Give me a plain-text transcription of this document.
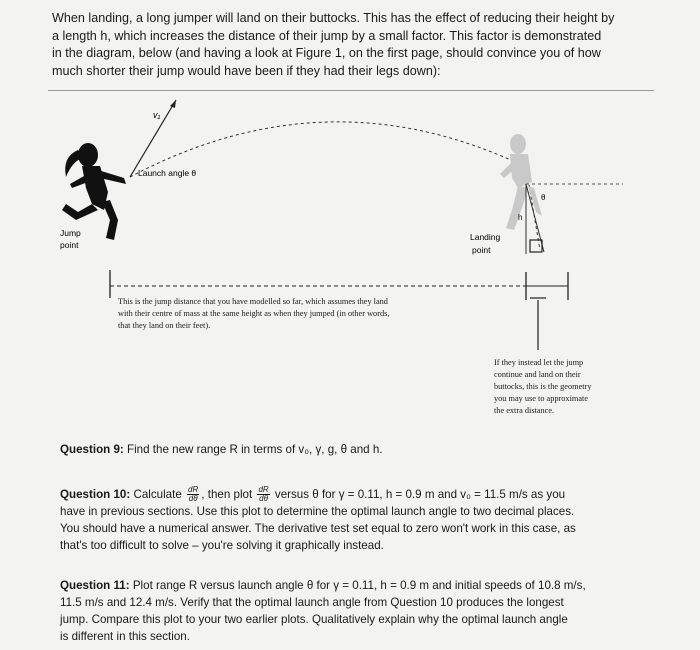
When landing, a long jumper will land on their buttocks. This has the effect of reducing their height by
a length h, which increases the distance of their jump by a small factor. This factor is demonstrated
in the diagram, below (and having a look at Figure 1, on the first page, should convince you of how
much shorter their jump would have been if they had their legs down):
v₁
Launch angle θ
θ
h
Jump
point
Landing
point
This is the jump distance that you have modelled so far, which assumes they land
with their centre of mass at the same height as when they jumped (in other words,
that they land on their feet).
If they instead let the jump
continue and land on their
buttocks, this is the geometry
you may use to approximate
the extra distance.
Question 9: Find the new range R in terms of v₀, γ, g, θ and h.
Question 10: Calculate $\frac{dR}{d\theta}$ , then plot $\frac{dR}{d\theta}$ versus θ for γ = 0.11, h = 0.9 m and v₀ = 11.5 m/s as you
have in previous sections. Use this plot to determine the optimal launch angle to two decimal places.
You should have a numerical answer. The derivative test set equal to zero won't work in this case, as
that's too difficult to solve – you're solving it graphically instead.
Question 11: Plot range R versus launch angle θ for γ = 0.11, h = 0.9 m and initial speeds of 10.8 m/s,
11.5 m/s and 12.4 m/s. Verify that the optimal launch angle from Question 10 produces the longest
jump. Compare this plot to your two earlier plots. Qualitatively explain why the optimal launch angle
is different in this section.
